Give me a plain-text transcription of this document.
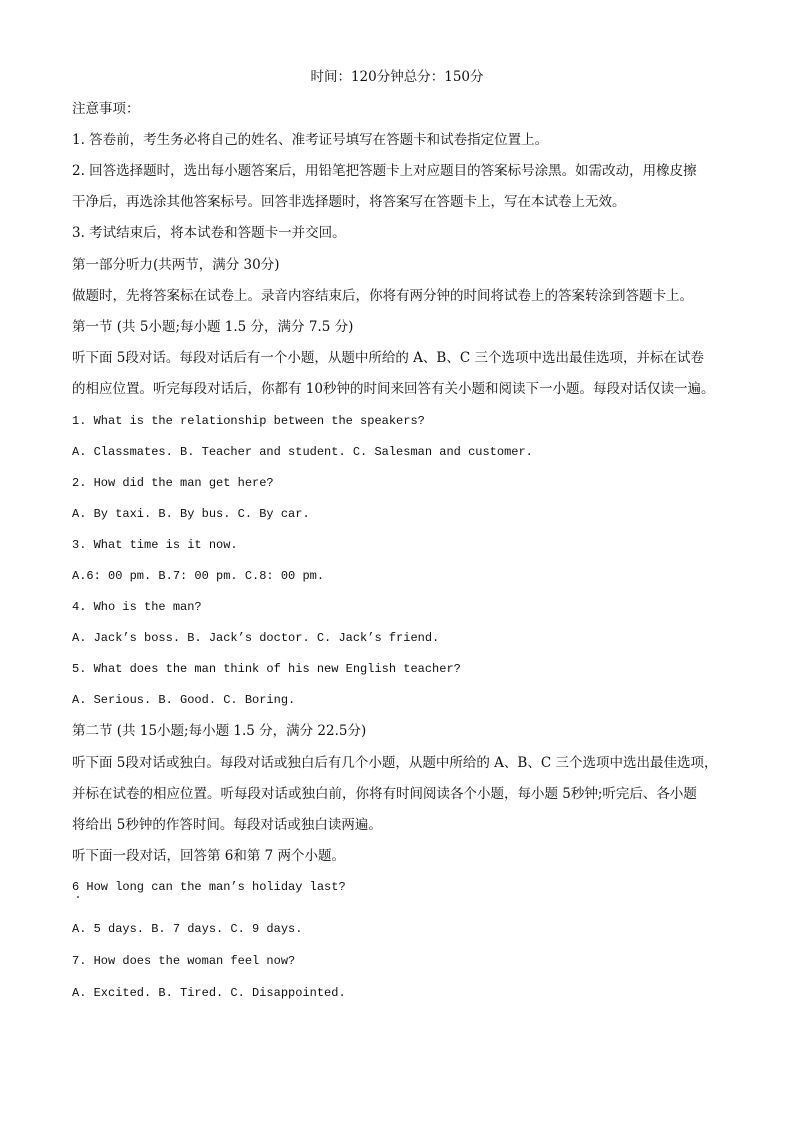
时间：120分钟总分：150分
注意事项：
1. 答卷前，考生务必将自己的姓名、准考证号填写在答题卡和试卷指定位置上。
2. 回答选择题时，选出每小题答案后，用铅笔把答题卡上对应题目的答案标号涂黑。如需改动，用橡皮擦
干净后，再选涂其他答案标号。回答非选择题时，将答案写在答题卡上，写在本试卷上无效。
3. 考试结束后，将本试卷和答题卡一并交回。
第一部分听力(共两节，满分 30分)
做题时，先将答案标在试卷上。录音内容结束后，你将有两分钟的时间将试卷上的答案转涂到答题卡上。
第一节 (共 5小题;每小题 1.5 分，满分 7.5 分)
听下面 5段对话。每段对话后有一个小题，从题中所给的 A、B、C 三个选项中选出最佳选项，并标在试卷
的相应位置。听完每段对话后，你都有 10秒钟的时间来回答有关小题和阅读下一小题。每段对话仅读一遍。
1. What is the relationship between the speakers?
A. Classmates. B. Teacher and student. C. Salesman and customer.
2. How did the man get here?
A. By taxi. B. By bus. C. By car.
3. What time is it now.
A.6: 00 pm. B.7: 00 pm. C.8: 00 pm.
4. Who is the man?
A. Jack’s boss. B. Jack’s doctor. C. Jack’s friend.
5. What does the man think of his new English teacher?
A. Serious. B. Good. C. Boring.
第二节 (共 15小题;每小题 1.5 分，满分 22.5分)
听下面 5段对话或独白。每段对话或独白后有几个小题，从题中所给的 A、B、C 三个选项中选出最佳选项，
并标在试卷的相应位置。听每段对话或独白前，你将有时间阅读各个小题，每小题 5秒钟;听完后、各小题
将给出 5秒钟的作答时间。每段对话或独白读两遍。
听下面一段对话，回答第 6和第 7 两个小题。
6 How long can the man’s holiday last?
A. 5 days. B. 7 days. C. 9 days.
7. How does the woman feel now?
A. Excited. B. Tired. C. Disappointed.
